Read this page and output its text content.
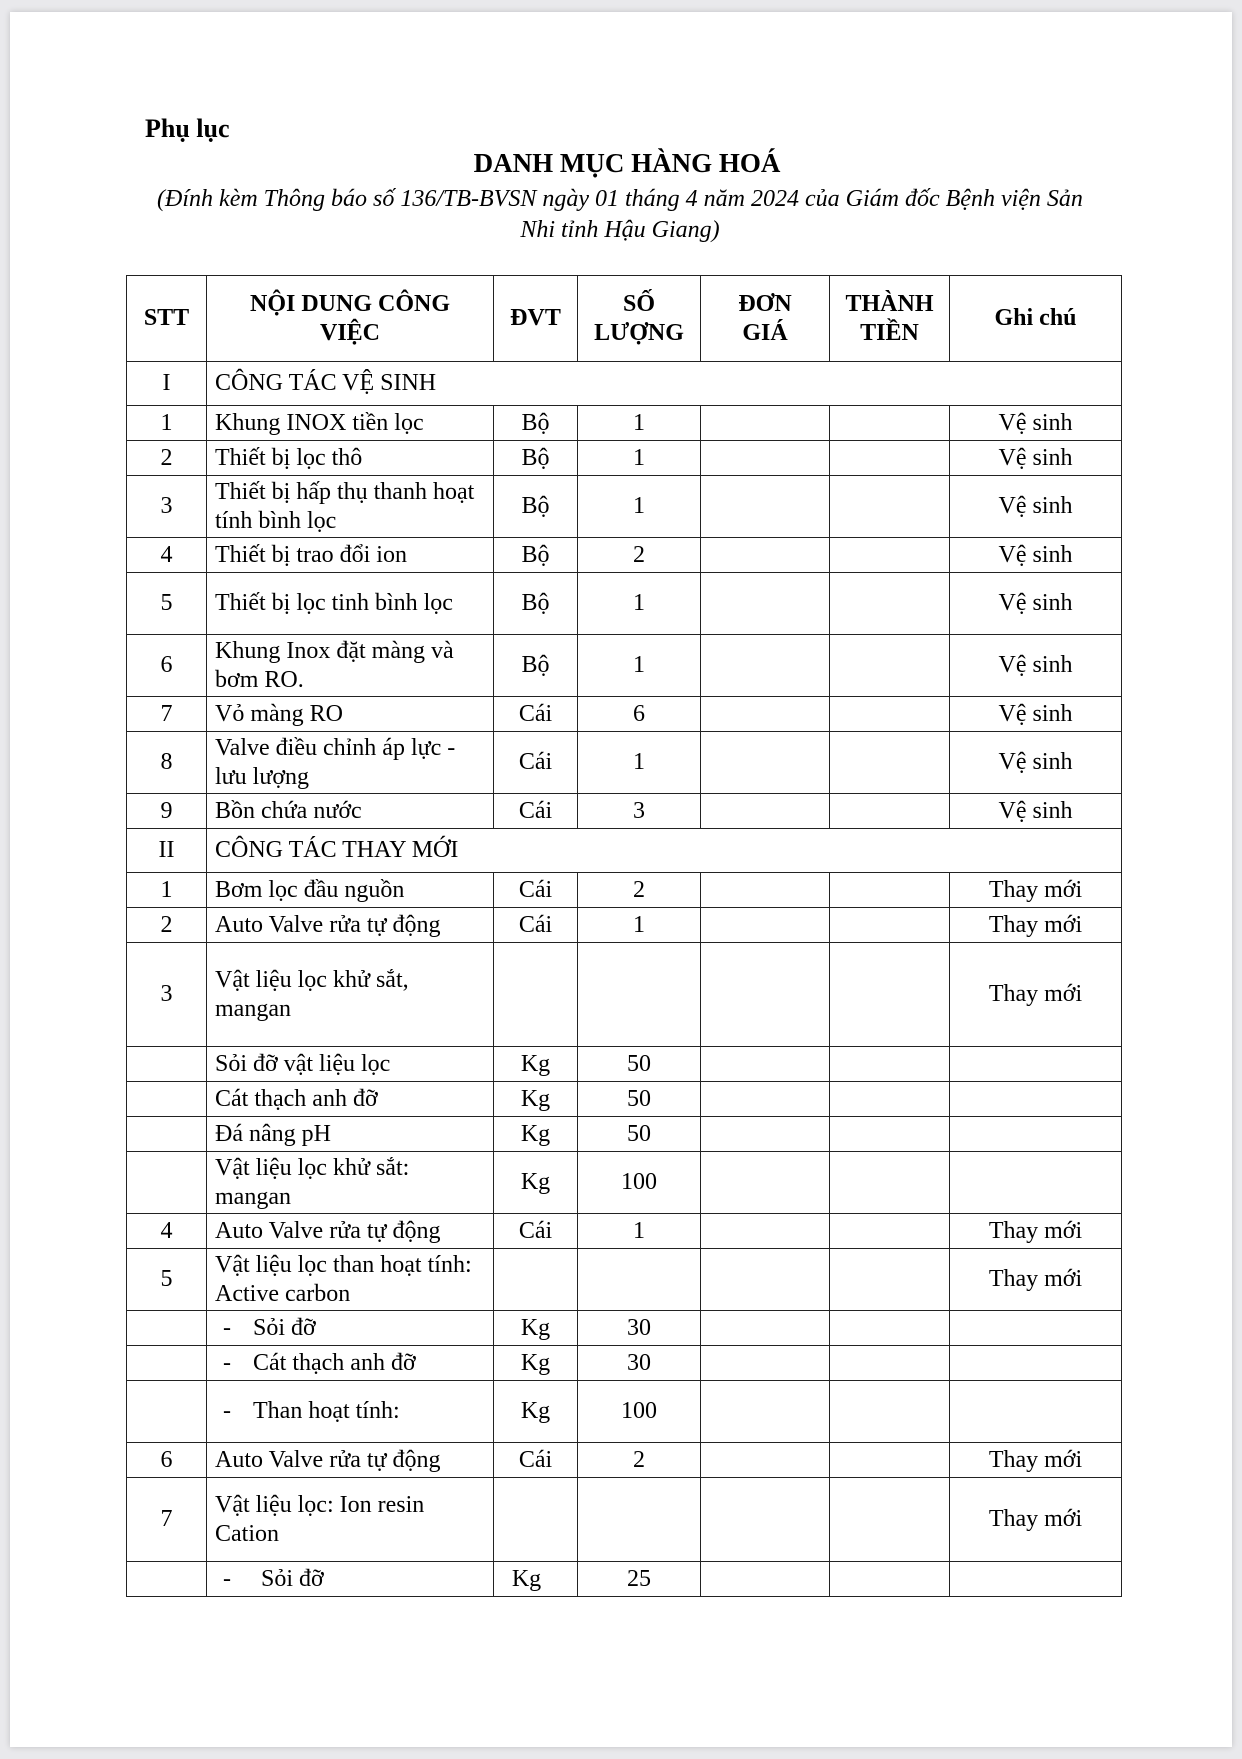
Phụ lục
DANH MỤC HÀNG HOÁ
(Đính kèm Thông báo số 136/TB-BVSN ngày 01 tháng 4 năm 2024 của Giám đốc Bệnh viện Sản Nhi tỉnh Hậu Giang)
STT	NỘI DUNG CÔNG VIỆC	ĐVT	SỐ LƯỢNG	ĐƠN GIÁ	THÀNH TIỀN	Ghi chú
I	CÔNG TÁC VỆ SINH					
1	Khung INOX tiền lọc	Bộ	1			Vệ sinh
2	Thiết bị lọc thô	Bộ	1			Vệ sinh
3	Thiết bị hấp thụ thanh hoạt tính bình lọc	Bộ	1			Vệ sinh
4	Thiết bị trao đổi ion	Bộ	2			Vệ sinh
5	Thiết bị lọc tinh bình lọc	Bộ	1			Vệ sinh
6	Khung Inox đặt màng và bơm RO.	Bộ	1			Vệ sinh
7	Vỏ màng RO	Cái	6			Vệ sinh
8	Valve điều chỉnh áp lực - lưu lượng	Cái	1			Vệ sinh
9	Bồn chứa nước	Cái	3			Vệ sinh
II	CÔNG TÁC THAY MỚI					
1	Bơm lọc đầu nguồn	Cái	2			Thay mới
2	Auto Valve rửa tự động	Cái	1			Thay mới
3	Vật liệu lọc khử sắt, mangan					Thay mới
	Sỏi đỡ vật liệu lọc	Kg	50			
	Cát thạch anh đỡ	Kg	50			
	Đá nâng pH	Kg	50			
	Vật liệu lọc khử sắt: mangan	Kg	100			
4	Auto Valve rửa tự động	Cái	1			Thay mới
5	Vật liệu lọc than hoạt tính: Active carbon					Thay mới
	- Sỏi đỡ	Kg	30			
	- Cát thạch anh đỡ	Kg	30			
	- Than hoạt tính:	Kg	100			
6	Auto Valve rửa tự động	Cái	2			Thay mới
7	Vật liệu lọc: Ion resin Cation					Thay mới
	- Sỏi đỡ	Kg	25			
